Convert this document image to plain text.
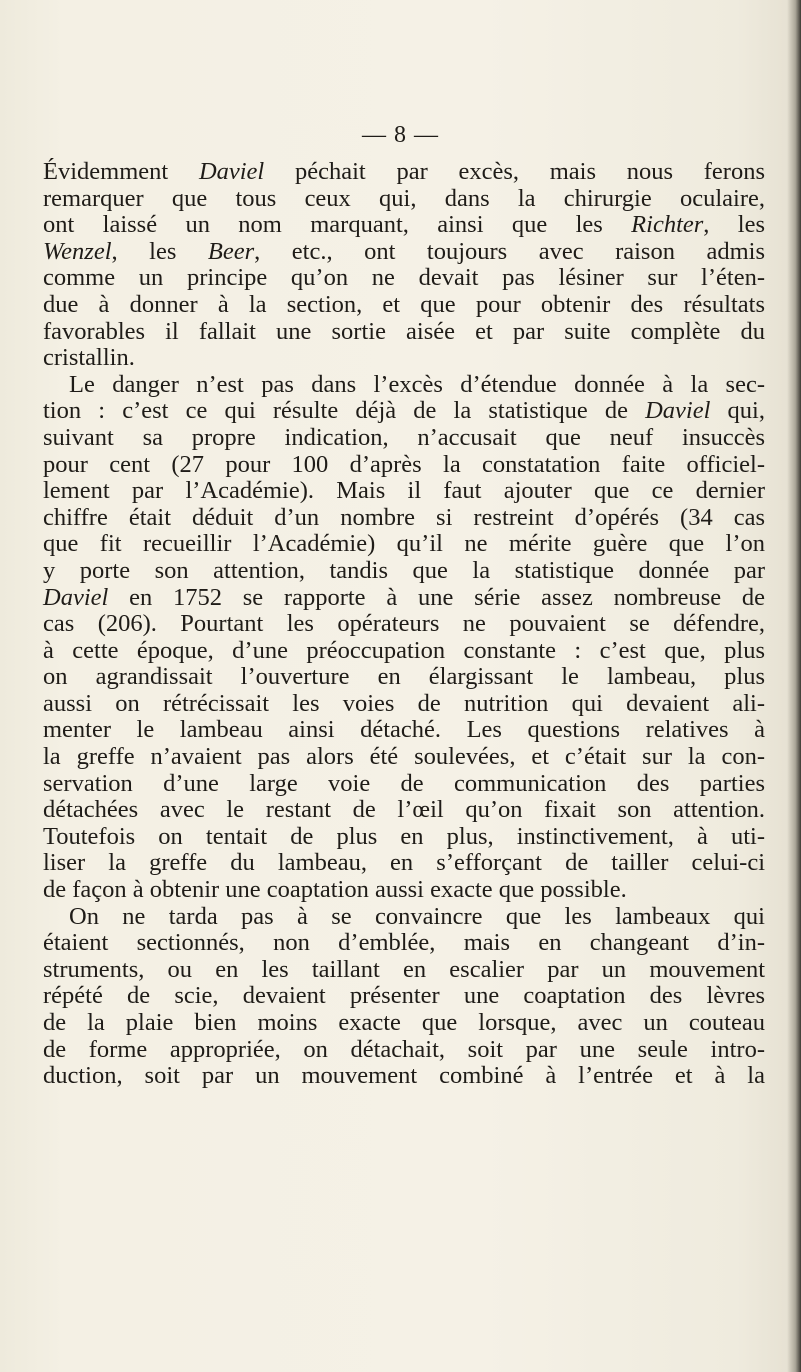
— 8 —

Évidemment Daviel péchait par excès, mais nous ferons
remarquer que tous ceux qui, dans la chirurgie oculaire,
ont laissé un nom marquant, ainsi que les Richter, les
Wenzel, les Beer, etc., ont toujours avec raison admis
comme un principe qu’on ne devait pas lésiner sur l’éten-
due à donner à la section, et que pour obtenir des résultats
favorables il fallait une sortie aisée et par suite complète du
cristallin.

Le danger n’est pas dans l’excès d’étendue donnée à la sec-
tion : c’est ce qui résulte déjà de la statistique de Daviel qui,
suivant sa propre indication, n’accusait que neuf insuccès
pour cent (27 pour 100 d’après la constatation faite officiel-
lement par l’Académie). Mais il faut ajouter que ce dernier
chiffre était déduit d’un nombre si restreint d’opérés (34 cas
que fit recueillir l’Académie) qu’il ne mérite guère que l’on
y porte son attention, tandis que la statistique donnée par
Daviel en 1752 se rapporte à une série assez nombreuse de
cas (206). Pourtant les opérateurs ne pouvaient se défendre,
à cette époque, d’une préoccupation constante : c’est que, plus
on agrandissait l’ouverture en élargissant le lambeau, plus
aussi on rétrécissait les voies de nutrition qui devaient ali-
menter le lambeau ainsi détaché. Les questions relatives à
la greffe n’avaient pas alors été soulevées, et c’était sur la con-
servation d’une large voie de communication des parties
détachées avec le restant de l’œil qu’on fixait son attention.
Toutefois on tentait de plus en plus, instinctivement, à uti-
liser la greffe du lambeau, en s’efforçant de tailler celui-ci
de façon à obtenir une coaptation aussi exacte que possible.

On ne tarda pas à se convaincre que les lambeaux qui
étaient sectionnés, non d’emblée, mais en changeant d’in-
struments, ou en les taillant en escalier par un mouvement
répété de scie, devaient présenter une coaptation des lèvres
de la plaie bien moins exacte que lorsque, avec un couteau
de forme appropriée, on détachait, soit par une seule intro-
duction, soit par un mouvement combiné à l’entrée et à la
